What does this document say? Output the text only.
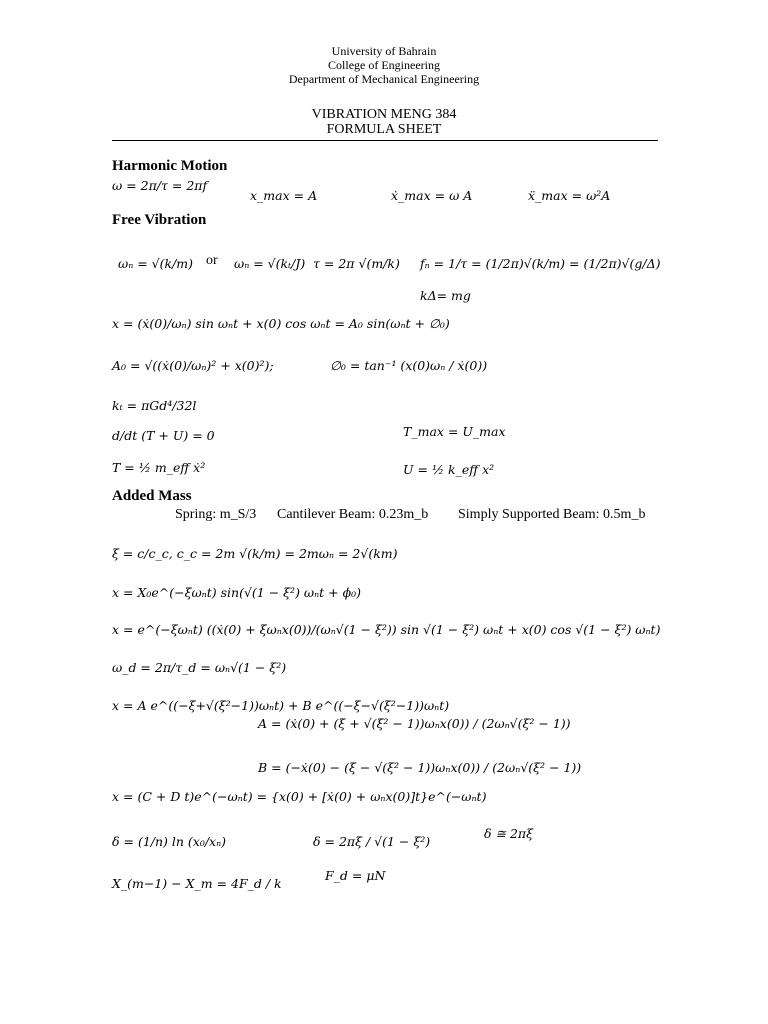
University of Bahrain
College of Engineering
Department of Mechanical Engineering
VIBRATION MENG 384
FORMULA SHEET
Harmonic Motion
ω = 2π/τ = 2πf
x_max = A	ẋ_max = ω A	ẍ_max = ω²A
Free Vibration
ωₙ = √(k/m) or ωₙ = √(kₜ/J) τ = 2π √(m/k) fₙ = 1/τ = (1/2π)√(k/m) = (1/2π)√(g/Δ)
kΔ= mg
x = (ẋ(0)/ωₙ) sin ωₙt + x(0) cos ωₙt = A₀ sin(ωₙt + ∅₀)
A₀ = √((ẋ(0)/ωₙ)² + x(0)²);	∅₀ = tan⁻¹ (x(0)ωₙ / ẋ(0))
kₜ = πGd⁴/32l
d/dt (T + U) = 0	T_max = U_max
T = ½ m_eff ẋ²	U = ½ k_eff x²
Added Mass
Spring: m_S/3 Cantilever Beam: 0.23m_b Simply Supported Beam: 0.5m_b
ξ = c/c_c, c_c = 2m √(k/m) = 2mωₙ = 2√(km)
x = X₀e^(−ξωₙt) sin(√(1 − ξ²) ωₙt + ϕ₀)
x = e^(−ξωₙt) ((ẋ(0) + ξωₙx(0))/(ωₙ√(1 − ξ²)) sin √(1 − ξ²) ωₙt + x(0) cos √(1 − ξ²) ωₙt)
ω_d = 2π/τ_d = ωₙ√(1 − ξ²)
x = A e^((−ξ+√(ξ²−1))ωₙt) + B e^((−ξ−√(ξ²−1))ωₙt)
A = (ẋ(0) + (ξ + √(ξ² − 1))ωₙx(0)) / (2ωₙ√(ξ² − 1))
B = (−ẋ(0) − (ξ − √(ξ² − 1))ωₙx(0)) / (2ωₙ√(ξ² − 1))
x = (C + D t)e^(−ωₙt) = {x(0) + [ẋ(0) + ωₙx(0)]t}e^(−ωₙt)
δ = (1/n) ln (x₀/xₙ)	δ = 2πξ / √(1 − ξ²)
δ ≅ 2πξ
X_(m−1) − X_m = 4F_d / k
F_d = μN
